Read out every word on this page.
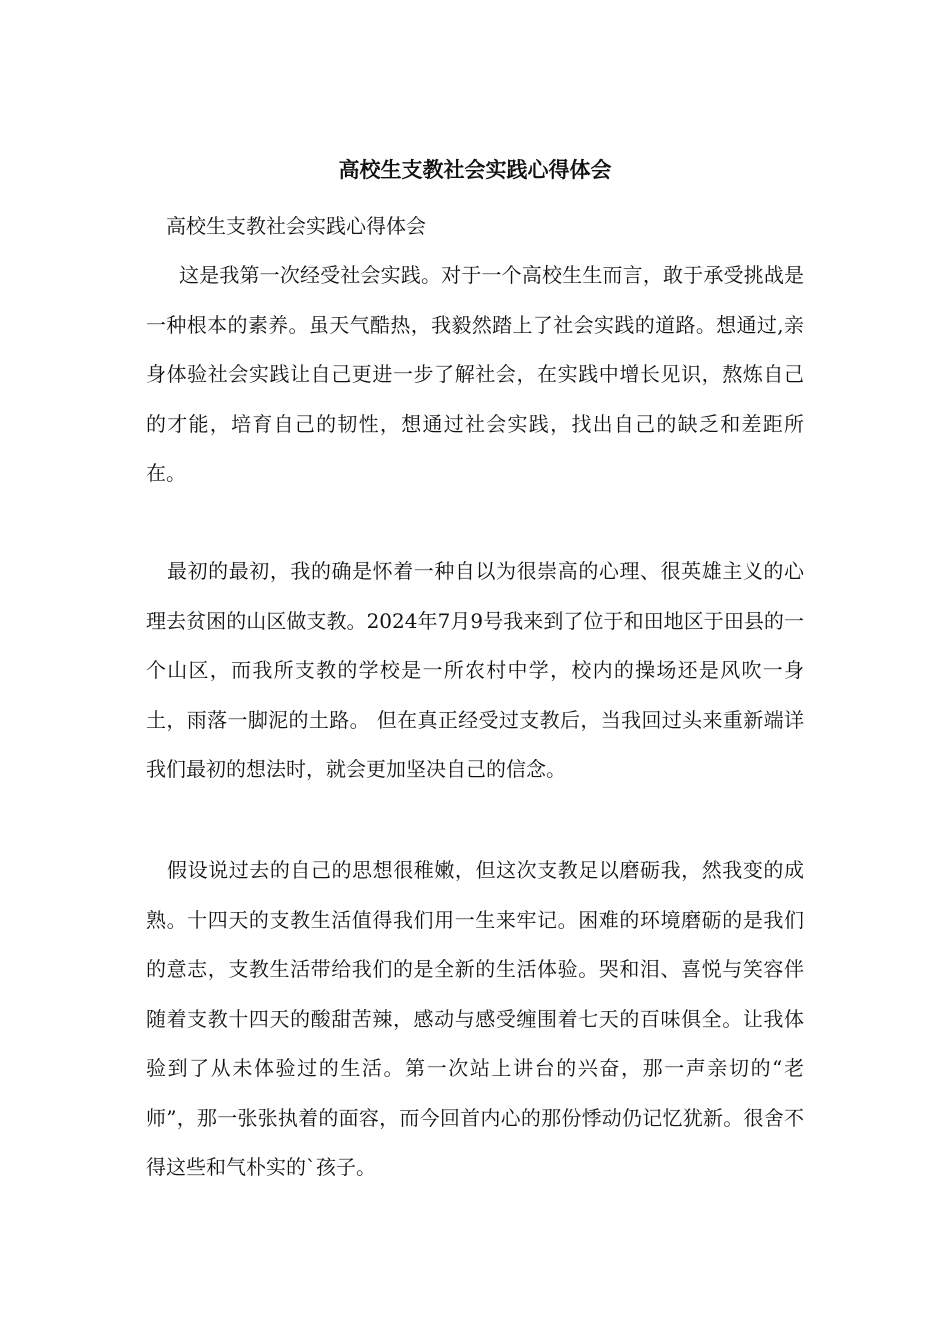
高校生支教社会实践心得体会

高校生支教社会实践心得体会

这是我第一次经受社会实践。对于一个高校生生而言，敢于承受挑战是一种根本的素养。虽天气酷热，我毅然踏上了社会实践的道路。想通过,亲身体验社会实践让自己更进一步了解社会，在实践中增长见识，熬炼自己的才能，培育自己的韧性，想通过社会实践，找出自己的缺乏和差距所在。

最初的最初，我的确是怀着一种自以为很崇高的心理、很英雄主义的心理去贫困的山区做支教。2024年7月9号我来到了位于和田地区于田县的一个山区，而我所支教的学校是一所农村中学，校内的操场还是风吹一身土，雨落一脚泥的土路。 但在真正经受过支教后，当我回过头来重新端详我们最初的想法时，就会更加坚决自己的信念。

假设说过去的自己的思想很稚嫩，但这次支教足以磨砺我，然我变的成熟。十四天的支教生活值得我们用一生来牢记。困难的环境磨砺的是我们的意志，支教生活带给我们的是全新的生活体验。哭和泪、喜悦与笑容伴随着支教十四天的酸甜苦辣，感动与感受缠围着七天的百味俱全。让我体验到了从未体验过的生活。第一次站上讲台的兴奋，那一声亲切的“老师”，那一张张执着的面容，而今回首内心的那份悸动仍记忆犹新。很舍不得这些和气朴实的`孩子。
